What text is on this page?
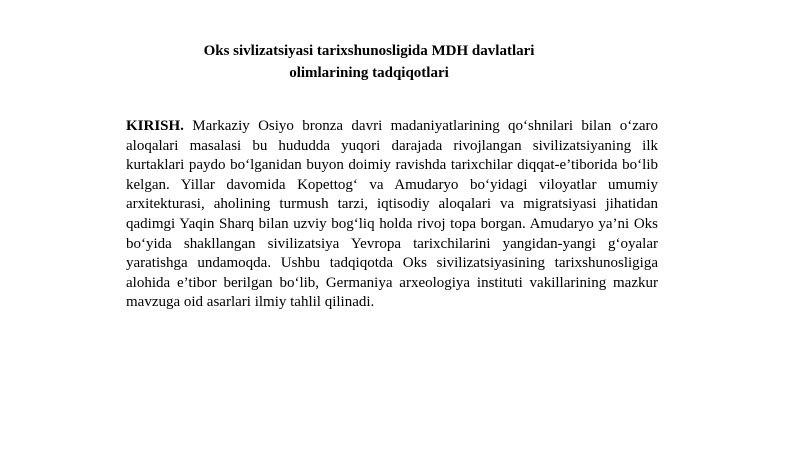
Oks sivlizatsiyasi tarixshunosligida MDH davlatlari
olimlarining tadqiqotlari

KIRISH. Markaziy Osiyo bronza davri madaniyatlarining qo‘shnilari bilan o‘zaro aloqalari masalasi bu hududda yuqori darajada rivojlangan sivilizatsiyaning ilk kurtaklari paydo bo‘lganidan buyon doimiy ravishda tarixchilar diqqat-e’tiborida bo‘lib kelgan. Yillar davomida Kopettog‘ va Amudaryo bo‘yidagi viloyatlar umumiy arxitekturasi, aholining turmush tarzi, iqtisodiy aloqalari va migratsiyasi jihatidan qadimgi Yaqin Sharq bilan uzviy bog‘liq holda rivoj topa borgan. Amudaryo ya’ni Oks bo‘yida shakllangan sivilizatsiya Yevropa tarixchilarini yangidan-yangi g‘oyalar yaratishga undamoqda. Ushbu tadqiqotda Oks sivilizatsiyasining tarixshunosligiga alohida e’tibor berilgan bo‘lib, Germaniya arxeologiya instituti vakillarining mazkur mavzuga oid asarlari ilmiy tahlil qilinadi.
